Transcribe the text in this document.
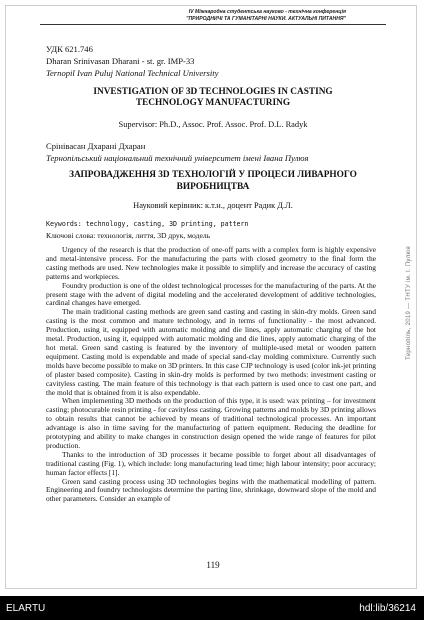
IV Міжнародна студентська науково - технічна конференція
"ПРИРОДНИЧІ ТА ГУМАНІТАРНІ НАУКИ. АКТУАЛЬНІ ПИТАННЯ"
УДК 621.746
Dharan Srinivasan Dharani - st. gr. IMP-33
Ternopil Ivan Puluj National Technical University
INVESTIGATION OF 3D TECHNOLOGIES IN CASTING
TECHNOLOGY MANUFACTURING
Supervisor: Ph.D., Assoc. Prof. Assoc. Prof. D.L. Radyk
Срінівасан Дхарані Дхаран
Тернопільський національний технічний університет імені Івана Пулюя
ЗАПРОВАДЖЕННЯ 3D ТЕХНОЛОГІЙ У ПРОЦЕСИ ЛИВАРНОГО
ВИРОБНИЦТВА
Науковий керівник: к.т.н., доцент Радик Д.Л.
Keywords: technology, casting, 3D printing, pattern
Ключові слова: технологія, лиття, 3D друк, модель

Urgency of the research is that the production of one-off parts with a complex form is highly expensive and metal-intensive process. For the manufacturing the parts with closed geometry to the final form the casting methods are used. New technologies make it possible to simplify and increase the accuracy of casting patterns and workpieces.

Foundry production is one of the oldest technological processes for the manufacturing of the parts. At the present stage with the advent of digital modeling and the accelerated development of additive technologies, cardinal changes have emerged.

The main traditional casting methods are green sand casting and casting in skin-dry molds. Green sand casting is the most common and mature technology, and in terms of functionality - the most advanced. Production, using it, equipped with automatic molding and die lines, apply automatic charging of the hot metal. Production, using it, equipped with automatic molding and die lines, apply automatic charging of the hot metal. Green sand casting is featured by the inventory of multiple-used metal or wooden pattern equipment. Casting mold is expendable and made of special sand-clay molding commixture. Currently such molds have become possible to make on 3D printers. In this case CJP technology is used (color ink-jet printing of plaster based composite). Casting in skin-dry molds is performed by two methods: investment casting or cavityless casting. The main feature of this technology is that each pattern is used once to cast one part, and the mold that is obtained from it is also expendable.

When implementing 3D methods on the production of this type, it is used: wax printing – for investment casting; photocurable resin printing - for cavityless casting. Growing patterns and molds by 3D printing allows to obtain results that cannot be achieved by means of traditional technological processes. An important advantage is also in time saving for the manufacturing of pattern equipment. Reducing the deadline for prototyping and ability to make changes in construction design opened the wide range of features for pilot production.

Thanks to the introduction of 3D processes it became possible to forget about all disadvantages of traditional casting (Fig. 1), which include: long manufacturing lead time; high labour intensity; poor accuracy; human factor effects [1].

Green sand casting process using 3D technologies begins with the mathematical modelling of pattern. Engineering and foundry technologists determine the parting line, shrinkage, downward slope of the mold and other parameters. Consider an example of

119
Тернопіль, 2019 — ТНТУ ім. І. Пулюя
ELARTU	hdl:lib/36214
